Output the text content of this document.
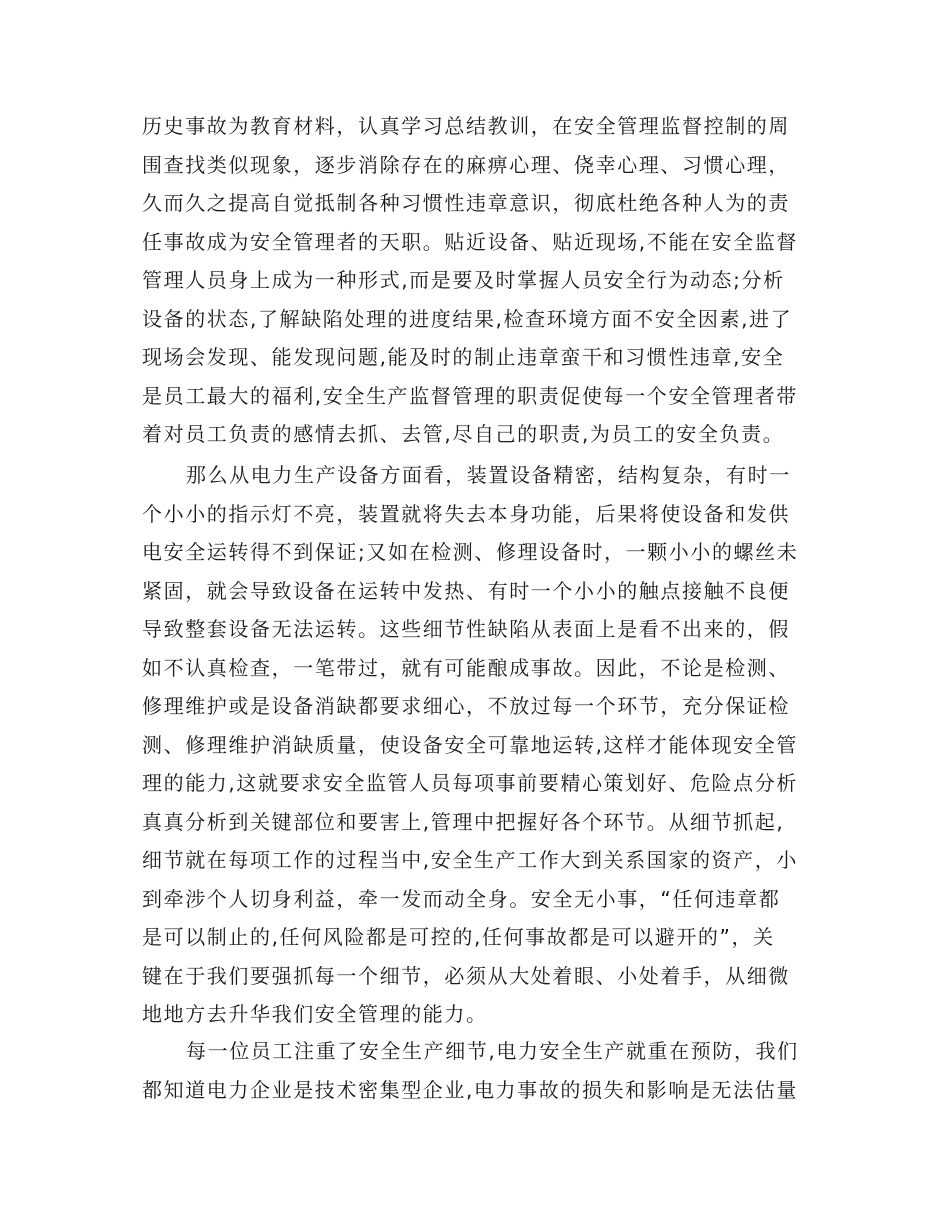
历史事故为教育材料，认真学习总结教训，在安全管理监督控制的周
围查找类似现象，逐步消除存在的麻痹心理、侥幸心理、习惯心理，
久而久之提高自觉抵制各种习惯性违章意识，彻底杜绝各种人为的责
任事故成为安全管理者的天职。贴近设备、贴近现场,不能在安全监督
管理人员身上成为一种形式,而是要及时掌握人员安全行为动态;分析
设备的状态,了解缺陷处理的进度结果,检查环境方面不安全因素,进了
现场会发现、能发现问题,能及时的制止违章蛮干和习惯性违章,安全
是员工最大的福利,安全生产监督管理的职责促使每一个安全管理者带
着对员工负责的感情去抓、去管,尽自己的职责,为员工的安全负责。
那么从电力生产设备方面看，装置设备精密，结构复杂，有时一
个小小的指示灯不亮，装置就将失去本身功能，后果将使设备和发供
电安全运转得不到保证;又如在检测、修理设备时，一颗小小的螺丝未
紧固，就会导致设备在运转中发热、有时一个小小的触点接触不良便
导致整套设备无法运转。这些细节性缺陷从表面上是看不出来的，假
如不认真检查，一笔带过，就有可能酿成事故。因此，不论是检测、
修理维护或是设备消缺都要求细心，不放过每一个环节，充分保证检
测、修理维护消缺质量，使设备安全可靠地运转,这样才能体现安全管
理的能力,这就要求安全监管人员每项事前要精心策划好、危险点分析
真真分析到关键部位和要害上,管理中把握好各个环节。从细节抓起,
细节就在每项工作的过程当中,安全生产工作大到关系国家的资产，小
到牵涉个人切身利益，牵一发而动全身。安全无小事，“任何违章都
是可以制止的,任何风险都是可控的,任何事故都是可以避开的”，关
键在于我们要强抓每一个细节，必须从大处着眼、小处着手，从细微
地地方去升华我们安全管理的能力。
每一位员工注重了安全生产细节,电力安全生产就重在预防，我们
都知道电力企业是技术密集型企业,电力事故的损失和影响是无法估量
